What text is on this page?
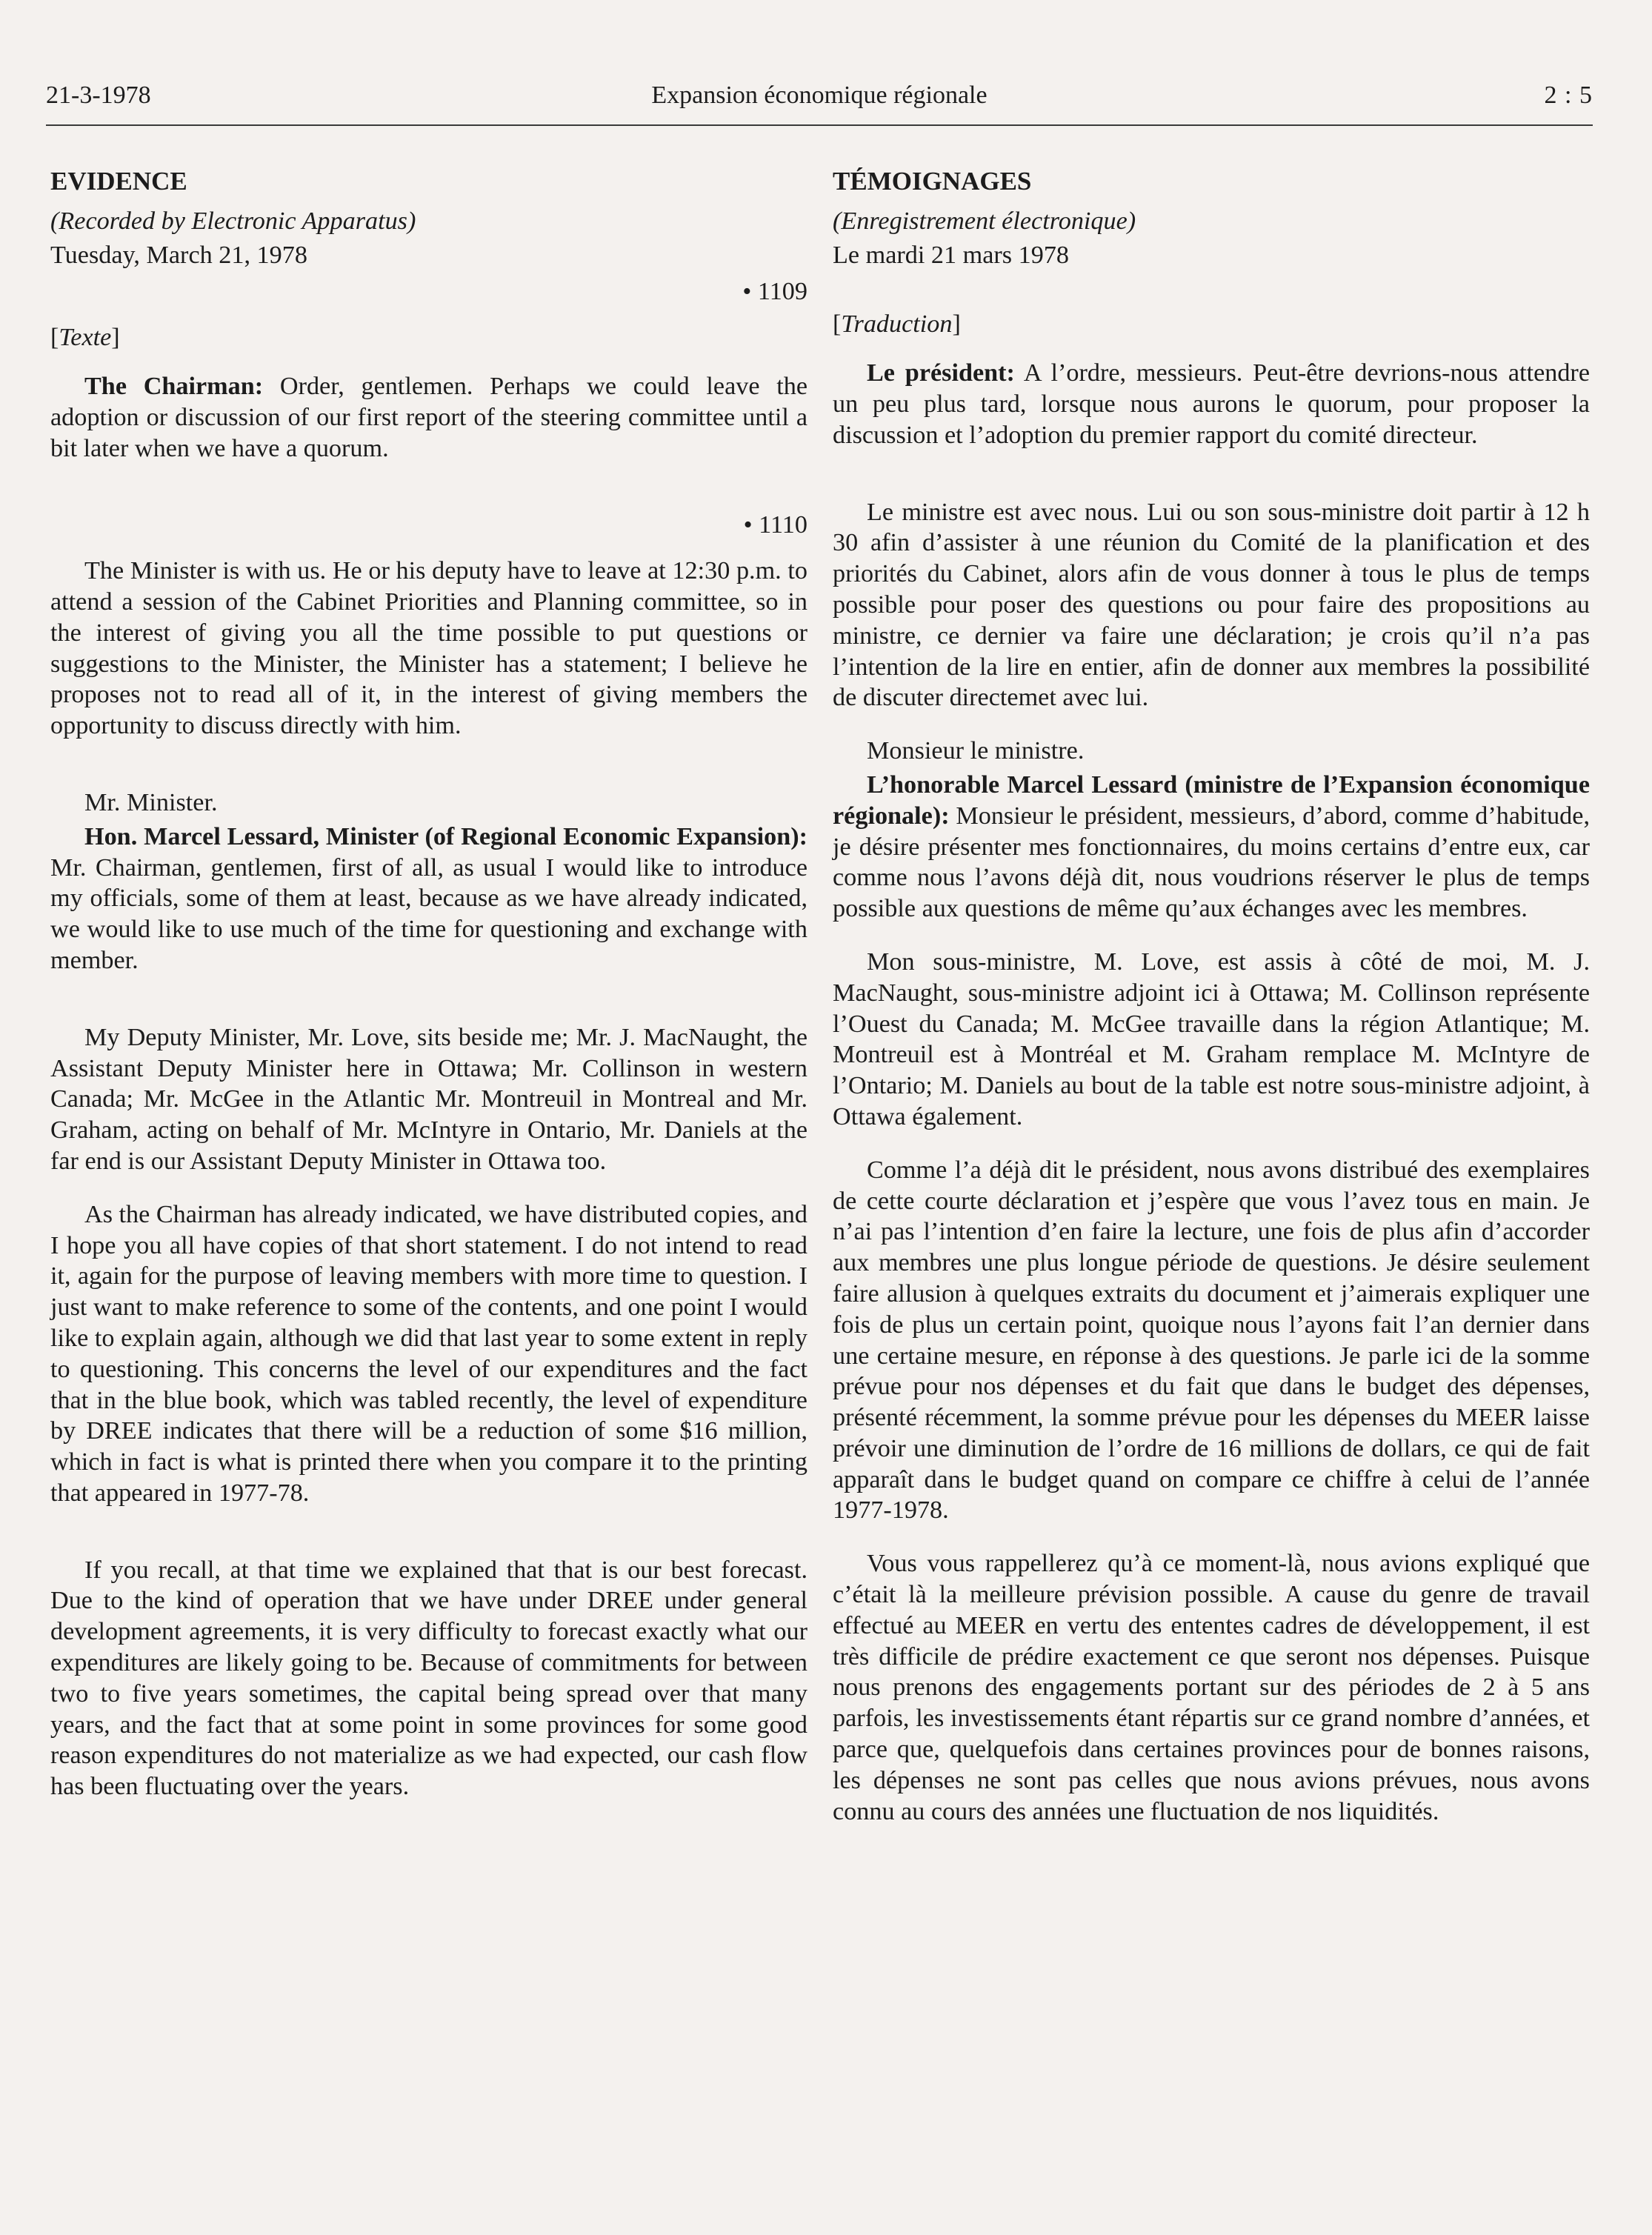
21-3-1978	Expansion économique régionale	2 : 5
EVIDENCE
(Recorded by Electronic Apparatus)
Tuesday, March 21, 1978
• 1109
[Texte]

The Chairman: Order, gentlemen. Perhaps we could leave the adoption or discussion of our first report of the steering committee until a bit later when we have a quorum.

• 1110

The Minister is with us. He or his deputy have to leave at 12:30 p.m. to attend a session of the Cabinet Priorities and Planning committee, so in the interest of giving you all the time possible to put questions or suggestions to the Minister, the Minister has a statement; I believe he proposes not to read all of it, in the interest of giving members the opportunity to discuss directly with him.

Mr. Minister.

Hon. Marcel Lessard, Minister (of Regional Economic Expansion): Mr. Chairman, gentlemen, first of all, as usual I would like to introduce my officials, some of them at least, because as we have already indicated, we would like to use much of the time for questioning and exchange with member.

My Deputy Minister, Mr. Love, sits beside me; Mr. J. MacNaught, the Assistant Deputy Minister here in Ottawa; Mr. Collinson in western Canada; Mr. McGee in the Atlantic Mr. Montreuil in Montreal and Mr. Graham, acting on behalf of Mr. McIntyre in Ontario, Mr. Daniels at the far end is our Assistant Deputy Minister in Ottawa too.

As the Chairman has already indicated, we have distributed copies, and I hope you all have copies of that short statement. I do not intend to read it, again for the purpose of leaving members with more time to question. I just want to make reference to some of the contents, and one point I would like to explain again, although we did that last year to some extent in reply to questioning. This concerns the level of our expenditures and the fact that in the blue book, which was tabled recently, the level of expenditure by DREE indicates that there will be a reduction of some $16 million, which in fact is what is printed there when you compare it to the printing that appeared in 1977-78.

If you recall, at that time we explained that that is our best forecast. Due to the kind of operation that we have under DREE under general development agreements, it is very difficulty to forecast exactly what our expenditures are likely going to be. Because of commitments for between two to five years sometimes, the capital being spread over that many years, and the fact that at some point in some provinces for some good reason expenditures do not materialize as we had expected, our cash flow has been fluctuating over the years.

TÉMOIGNAGES
(Enregistrement électronique)
Le mardi 21 mars 1978
[Traduction]

Le président: A l’ordre, messieurs. Peut-être devrions-nous attendre un peu plus tard, lorsque nous aurons le quorum, pour proposer la discussion et l’adoption du premier rapport du comité directeur.

Le ministre est avec nous. Lui ou son sous-ministre doit partir à 12 h 30 afin d’assister à une réunion du Comité de la planification et des priorités du Cabinet, alors afin de vous donner à tous le plus de temps possible pour poser des questions ou pour faire des propositions au ministre, ce dernier va faire une déclaration; je crois qu’il n’a pas l’intention de la lire en entier, afin de donner aux membres la possibilité de discuter directemet avec lui.

Monsieur le ministre.

L’honorable Marcel Lessard (ministre de l’Expansion économique régionale): Monsieur le président, messieurs, d’abord, comme d’habitude, je désire présenter mes fonctionnaires, du moins certains d’entre eux, car comme nous l’avons déjà dit, nous voudrions réserver le plus de temps possible aux questions de même qu’aux échanges avec les membres.

Mon sous-ministre, M. Love, est assis à côté de moi, M. J. MacNaught, sous-ministre adjoint ici à Ottawa; M. Collinson représente l’Ouest du Canada; M. McGee travaille dans la région Atlantique; M. Montreuil est à Montréal et M. Graham remplace M. McIntyre de l’Ontario; M. Daniels au bout de la table est notre sous-ministre adjoint, à Ottawa également.

Comme l’a déjà dit le président, nous avons distribué des exemplaires de cette courte déclaration et j’espère que vous l’avez tous en main. Je n’ai pas l’intention d’en faire la lecture, une fois de plus afin d’accorder aux membres une plus longue période de questions. Je désire seulement faire allusion à quelques extraits du document et j’aimerais expliquer une fois de plus un certain point, quoique nous l’ayons fait l’an dernier dans une certaine mesure, en réponse à des questions. Je parle ici de la somme prévue pour nos dépenses et du fait que dans le budget des dépenses, présenté récemment, la somme prévue pour les dépenses du MEER laisse prévoir une diminution de l’ordre de 16 millions de dollars, ce qui de fait apparaît dans le budget quand on compare ce chiffre à celui de l’année 1977-1978.

Vous vous rappellerez qu’à ce moment-là, nous avions expliqué que c’était là la meilleure prévision possible. A cause du genre de travail effectué au MEER en vertu des ententes cadres de développement, il est très difficile de prédire exactement ce que seront nos dépenses. Puisque nous prenons des engagements portant sur des périodes de 2 à 5 ans parfois, les investissements étant répartis sur ce grand nombre d’années, et parce que, quelquefois dans certaines provinces pour de bonnes raisons, les dépenses ne sont pas celles que nous avions prévues, nous avons connu au cours des années une fluctuation de nos liquidités.
